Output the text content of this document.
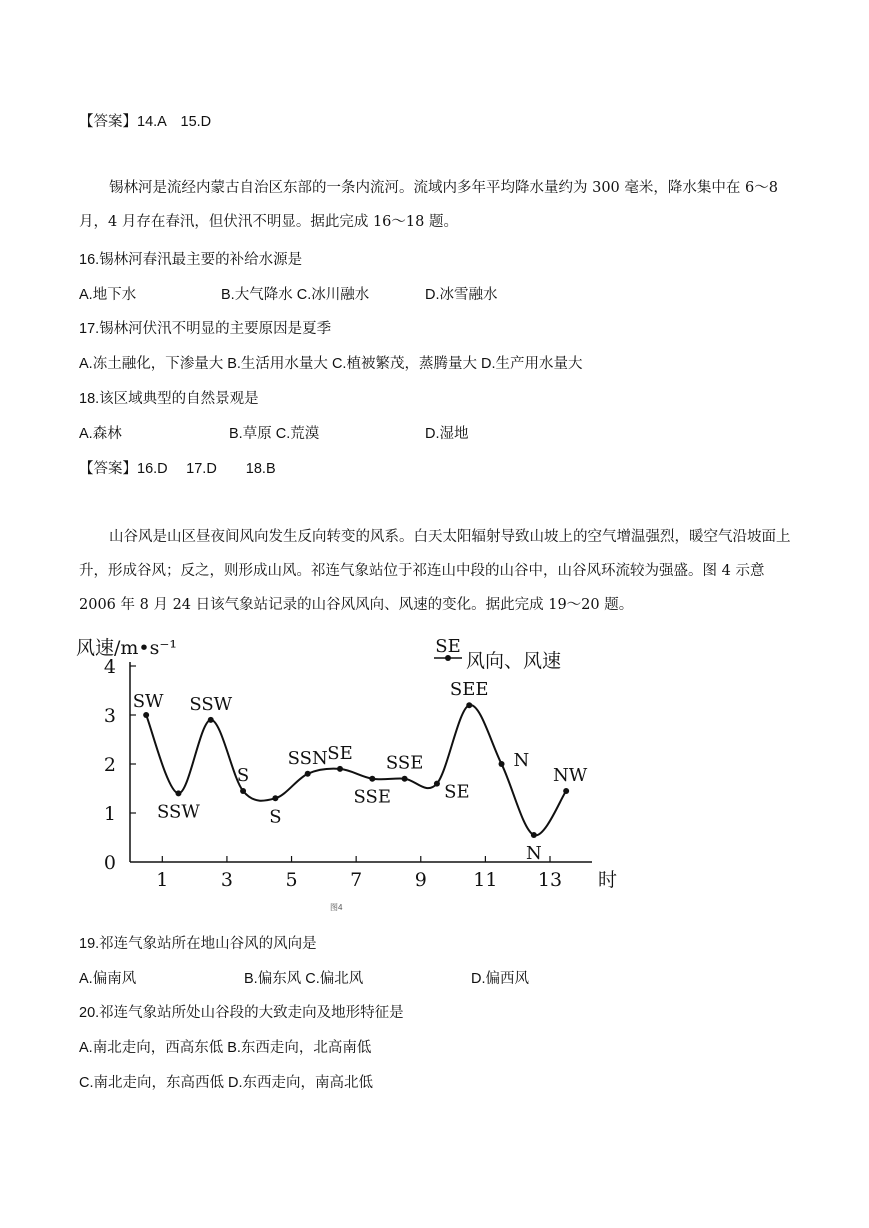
【答案】14.A　15.D
锡林河是流经内蒙古自治区东部的一条内流河。流域内多年平均降水量约为 300 毫米，降水集中在 6～8 月，4 月存在春汛，但伏汛不明显。据此完成 16～18 题。
16.锡林河春汛最主要的补给水源是
A.地下水	B.大气降水 C.冰川融水	D.冰雪融水
17.锡林河伏汛不明显的主要原因是夏季
A.冻土融化，下渗量大 B.生活用水量大 C.植被繁茂，蒸腾量大 D.生产用水量大
18.该区域典型的自然景观是
A.森林	B.草原 C.荒漠	D.湿地
【答案】16.D　 17.D　　18.B
山谷风是山区昼夜间风向发生反向转变的风系。白天太阳辐射导致山坡上的空气增温强烈，暖空气沿坡面上升，形成谷风；反之，则形成山风。祁连气象站位于祁连山中段的山谷中，山谷风环流较为强盛。图 4 示意 2006 年 8 月 24 日该气象站记录的山谷风风向、风速的变化。据此完成 19～20 题。
0
1
2
3
4
1	3	5	7	9 11 13 时
SW
SSW
SSW
S
S
SSN SE
SSE
SSE
SE
SEE
N
N
NW
SE
风向、风速
风速/m•s⁻¹
图4
19.祁连气象站所在地山谷风的风向是
A.偏南风	B.偏东风 C.偏北风	D.偏西风
20.祁连气象站所处山谷段的大致走向及地形特征是
A.南北走向，西高东低 B.东西走向，北高南低
C.南北走向，东高西低 D.东西走向，南高北低
